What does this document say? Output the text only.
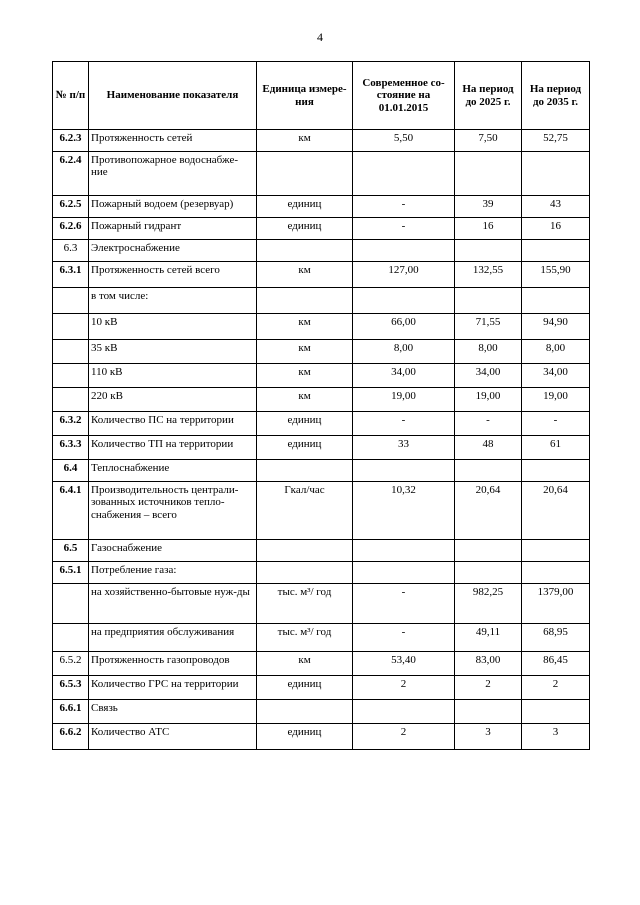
4
№ п/п	Наименование показателя	Единица измере-ния	Современное со-стояние на 01.01.2015	На период до 2025 г.	На период до 2035 г.
6.2.3	Протяженность сетей	км	5,50	7,50	52,75
6.2.4	Противопожарное водоснабже-ние				
6.2.5	Пожарный водоем (резервуар)	единиц	-	39	43
6.2.6	Пожарный гидрант	единиц	-	16	16
6.3	Электроснабжение				
6.3.1	Протяженность сетей всего	км	127,00	132,55	155,90
	в том числе:				
	10 кВ	км	66,00	71,55	94,90
	35 кВ	км	8,00	8,00	8,00
	110 кВ	км	34,00	34,00	34,00
	220 кВ	км	19,00	19,00	19,00
6.3.2	Количество ПС на территории	единиц	-	-	-
6.3.3	Количество ТП на территории	единиц	33	48	61
6.4	Теплоснабжение				
6.4.1	Производительность централи-зованных источников тепло-снабжения – всего	Гкал/час	10,32	20,64	20,64
6.5	Газоснабжение				
6.5.1	Потребление газа:				
	на хозяйственно-бытовые нуж-ды	тыс. м³/ год	-	982,25	1379,00
	на предприятия обслуживания	тыс. м³/ год	-	49,11	68,95
6.5.2	Протяженность газопроводов	км	53,40	83,00	86,45
6.5.3	Количество ГРС на территории	единиц	2	2	2
6.6.1	Связь				
6.6.2	Количество АТС	единиц	2	3	3
